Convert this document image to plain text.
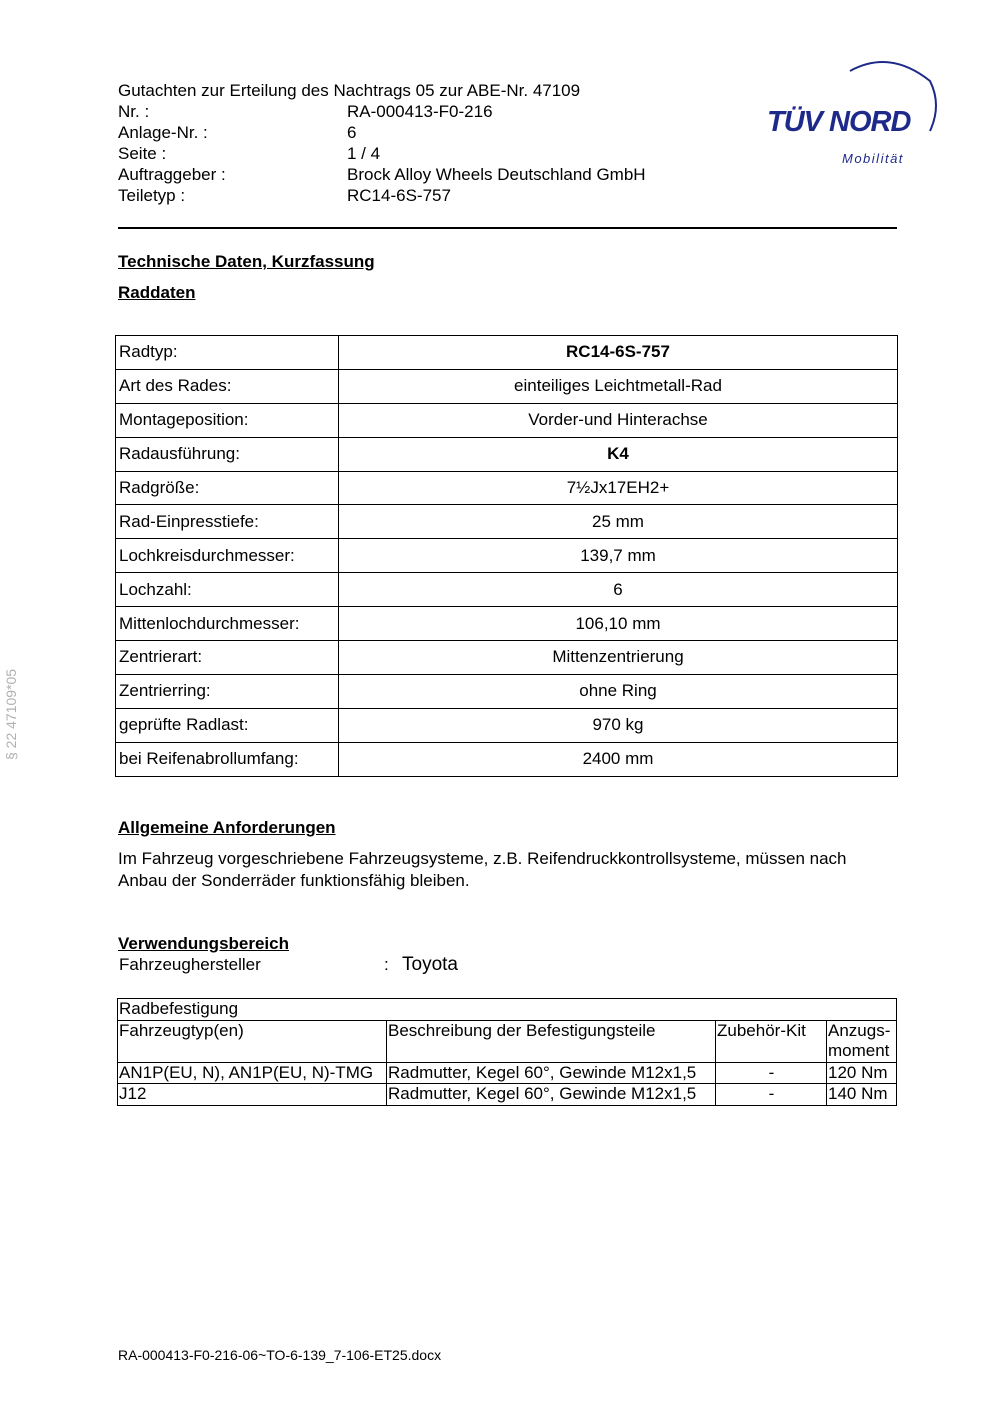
Gutachten zur Erteilung des Nachtrags 05 zur ABE-Nr. 47109
Nr. :	RA-000413-F0-216
Anlage-Nr. :	6
Seite :	1 / 4
Auftraggeber :	Brock Alloy Wheels Deutschland GmbH
Teiletyp :	RC14-6S-757
TÜV NORD
Mobilität
Technische Daten, Kurzfassung
Raddaten
Radtyp:	RC14-6S-757
Art des Rades:	einteiliges Leichtmetall-Rad
Montageposition:	Vorder-und Hinterachse
Radausführung:	K4
Radgröße:	7½Jx17EH2+
Rad-Einpresstiefe:	25 mm
Lochkreisdurchmesser:	139,7 mm
Lochzahl:	6
Mittenlochdurchmesser:	106,10 mm
Zentrierart:	Mittenzentrierung
Zentrierring:	ohne Ring
geprüfte Radlast:	970 kg
bei Reifenabrollumfang:	2400 mm
Allgemeine Anforderungen
Im Fahrzeug vorgeschriebene Fahrzeugsysteme, z.B. Reifendruckkontrollsysteme, müssen nach Anbau der Sonderräder funktionsfähig bleiben.
Verwendungsbereich
Fahrzeughersteller	: Toyota
Radbefestigung			
Fahrzeugtyp(en)	Beschreibung der Befestigungsteile	Zubehör-Kit	Anzugs-moment
AN1P(EU, N), AN1P(EU, N)-TMG	Radmutter, Kegel 60°, Gewinde M12x1,5	-	120 Nm
J12	Radmutter, Kegel 60°, Gewinde M12x1,5	-	140 Nm
§ 22 47109*05
RA-000413-F0-216-06~TO-6-139_7-106-ET25.docx
